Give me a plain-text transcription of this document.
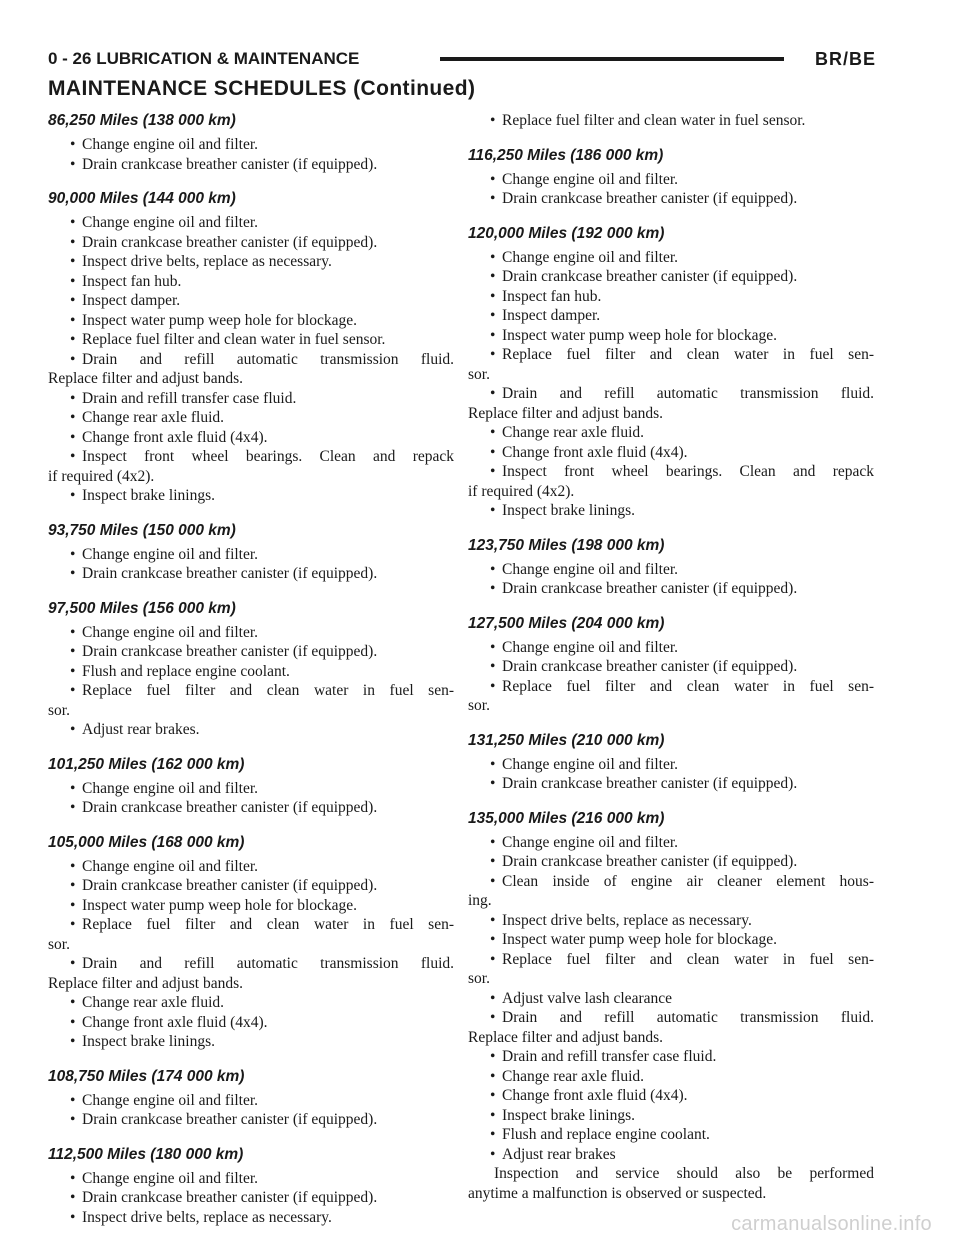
0 - 26 LUBRICATION & MAINTENANCE	BR/BE
MAINTENANCE SCHEDULES (Continued)
86,250 Miles (138 000 km)
• Change engine oil and filter.
• Drain crankcase breather canister (if equipped).
90,000 Miles (144 000 km)
• Change engine oil and filter.
• Drain crankcase breather canister (if equipped).
• Inspect drive belts, replace as necessary.
• Inspect fan hub.
• Inspect damper.
• Inspect water pump weep hole for blockage.
• Replace fuel filter and clean water in fuel sensor.
• Drain and refill automatic transmission fluid.
Replace filter and adjust bands.
• Drain and refill transfer case fluid.
• Change rear axle fluid.
• Change front axle fluid (4x4).
• Inspect front wheel bearings. Clean and repack
if required (4x2).
• Inspect brake linings.
93,750 Miles (150 000 km)
• Change engine oil and filter.
• Drain crankcase breather canister (if equipped).
97,500 Miles (156 000 km)
• Change engine oil and filter.
• Drain crankcase breather canister (if equipped).
• Flush and replace engine coolant.
• Replace fuel filter and clean water in fuel sen-
sor.
• Adjust rear brakes.
101,250 Miles (162 000 km)
• Change engine oil and filter.
• Drain crankcase breather canister (if equipped).
105,000 Miles (168 000 km)
• Change engine oil and filter.
• Drain crankcase breather canister (if equipped).
• Inspect water pump weep hole for blockage.
• Replace fuel filter and clean water in fuel sen-
sor.
• Drain and refill automatic transmission fluid.
Replace filter and adjust bands.
• Change rear axle fluid.
• Change front axle fluid (4x4).
• Inspect brake linings.
108,750 Miles (174 000 km)
• Change engine oil and filter.
• Drain crankcase breather canister (if equipped).
112,500 Miles (180 000 km)
• Change engine oil and filter.
• Drain crankcase breather canister (if equipped).
• Inspect drive belts, replace as necessary.
• Replace fuel filter and clean water in fuel sensor.
116,250 Miles (186 000 km)
• Change engine oil and filter.
• Drain crankcase breather canister (if equipped).
120,000 Miles (192 000 km)
• Change engine oil and filter.
• Drain crankcase breather canister (if equipped).
• Inspect fan hub.
• Inspect damper.
• Inspect water pump weep hole for blockage.
• Replace fuel filter and clean water in fuel sen-
sor.
• Drain and refill automatic transmission fluid.
Replace filter and adjust bands.
• Change rear axle fluid.
• Change front axle fluid (4x4).
• Inspect front wheel bearings. Clean and repack
if required (4x2).
• Inspect brake linings.
123,750 Miles (198 000 km)
• Change engine oil and filter.
• Drain crankcase breather canister (if equipped).
127,500 Miles (204 000 km)
• Change engine oil and filter.
• Drain crankcase breather canister (if equipped).
• Replace fuel filter and clean water in fuel sen-
sor.
131,250 Miles (210 000 km)
• Change engine oil and filter.
• Drain crankcase breather canister (if equipped).
135,000 Miles (216 000 km)
• Change engine oil and filter.
• Drain crankcase breather canister (if equipped).
• Clean inside of engine air cleaner element hous-
ing.
• Inspect drive belts, replace as necessary.
• Inspect water pump weep hole for blockage.
• Replace fuel filter and clean water in fuel sen-
sor.
• Adjust valve lash clearance
• Drain and refill automatic transmission fluid.
Replace filter and adjust bands.
• Drain and refill transfer case fluid.
• Change rear axle fluid.
• Change front axle fluid (4x4).
• Inspect brake linings.
• Flush and replace engine coolant.
• Adjust rear brakes
Inspection and service should also be performed
anytime a malfunction is observed or suspected.
carmanualsonline.info
